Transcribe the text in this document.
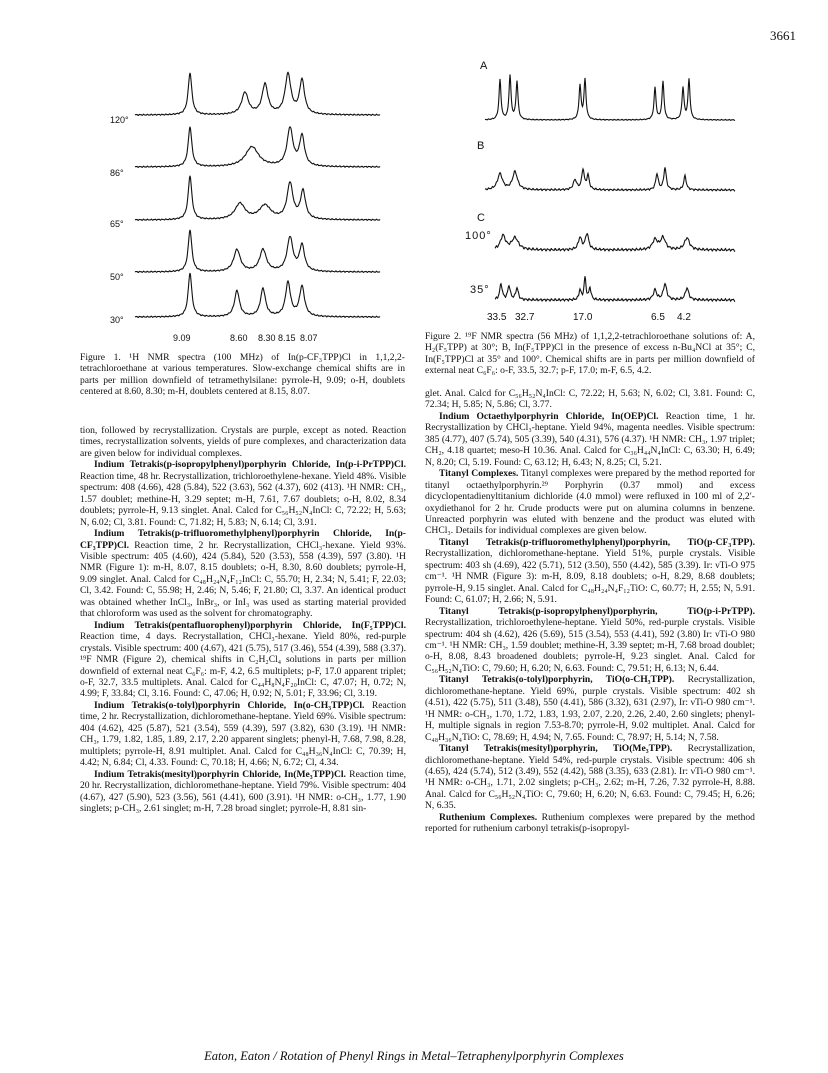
3661
120°
86°
65°
50°
30°
9.09	8.60 8.30 8.15 8.07
Figure 1. ¹H NMR spectra (100 MHz) of In(p-CF₃TPP)Cl in 1,1,2,2-tetrachloroethane at various temperatures. Slow-exchange chemical shifts are in parts per million downfield of tetramethylsilane: pyrrole-H, 9.09; o-H, doublets centered at 8.60, 8.30; m-H, doublets centered at 8.15, 8.07.
A
B
C
100°
35°
33.5 32.7	17.0	6.5 4.2
Figure 2. ¹⁹F NMR spectra (56 MHz) of 1,1,2,2-tetrachloroethane solutions of: A, H₂(F₅TPP) at 30°; B, In(F₅TPP)Cl in the presence of excess n-Bu₄NCl at 35°; C, In(F₅TPP)Cl at 35° and 100°. Chemical shifts are in parts per million downfield of external neat C₆F₆: o-F, 33.5, 32.7; p-F, 17.0; m-F, 6.5, 4.2.

tion, followed by recrystallization. Crystals are purple, except as noted. Reaction times, recrystallization solvents, yields of pure complexes, and characterization data are given below for individual complexes.

Indium Tetrakis(p-isopropylphenyl)porphyrin Chloride, In(p-i-PrTPP)Cl. Reaction time, 48 hr. Recrystallization, trichloroethylene-hexane. Yield 48%. Visible spectrum: 408 (4.66), 428 (5.84), 522 (3.63), 562 (4.37), 602 (413). ¹H NMR: CH₃, 1.57 doublet; methine-H, 3.29 septet; m-H, 7.61, 7.67 doublets; o-H, 8.02, 8.34 doublets; pyrrole-H, 9.13 singlet. Anal. Calcd for C₅₆H₅₂N₄InCl: C, 72.22; H, 5.63; N, 6.02; Cl, 3.81. Found: C, 71.82; H, 5.83; N, 6.14; Cl, 3.91.

Indium Tetrakis(p-trifluoromethylphenyl)porphyrin Chloride, In(p-CF₃TPP)Cl. Reaction time, 2 hr. Recrystallization, CHCl₃-hexane. Yield 93%. Visible spectrum: 405 (4.60), 424 (5.84), 520 (3.53), 558 (4.39), 597 (3.80). ¹H NMR (Figure 1): m-H, 8.07, 8.15 doublets; o-H, 8.30, 8.60 doublets; pyrrole-H, 9.09 singlet. Anal. Calcd for C₄₈H₂₄N₄F₁₂InCl: C, 55.70; H, 2.34; N, 5.41; F, 22.03; Cl, 3.42. Found: C, 55.98; H, 2.46; N, 5.46; F, 21.80; Cl, 3.37. An identical product was obtained whether InCl₃, InBr₃, or InI₃ was used as starting material provided that chloroform was used as the solvent for chromatography.

Indium Tetrakis(pentafluorophenyl)porphyrin Chloride, In(F₅TPP)Cl. Reaction time, 4 days. Recrystallation, CHCl₃-hexane. Yield 80%, red-purple crystals. Visible spectrum: 400 (4.67), 421 (5.75), 517 (3.46), 554 (4.39), 588 (3.37). ¹⁹F NMR (Figure 2), chemical shifts in C₂H₂Cl₄ solutions in parts per million downfield of external neat C₆F₆: m-F, 4.2, 6.5 multiplets; p-F, 17.0 apparent triplet; o-F, 32.7, 33.5 multiplets. Anal. Calcd for C₄₄H₈N₄F₂₀InCl: C, 47.07; H, 0.72; N, 4.99; F, 33.84; Cl, 3.16. Found: C, 47.06; H, 0.92; N, 5.01; F, 33.96; Cl, 3.19.

Indium Tetrakis(o-tolyl)porphyrin Chloride, In(o-CH₃TPP)Cl. Reaction time, 2 hr. Recrystallization, dichloromethane-heptane. Yield 69%. Visible spectrum: 404 (4.62), 425 (5.87), 521 (3.54), 559 (4.39), 597 (3.82), 630 (3.19). ¹H NMR: CH₃, 1.79, 1.82, 1.85, 1.89, 2.17, 2.20 apparent singlets; phenyl-H, 7.68, 7.98, 8.28, multiplets; pyrrole-H, 8.91 multiplet. Anal. Calcd for C₄₈H₃₆N₄InCl: C, 70.39; H, 4.42; N, 6.84; Cl, 4.33. Found: C, 70.18; H, 4.66; N, 6.72; Cl, 4.34.

Indium Tetrakis(mesityl)porphyrin Chloride, In(Me₃TPP)Cl. Reaction time, 20 hr. Recrystallization, dichloromethane-heptane. Yield 79%. Visible spectrum: 404 (4.67), 427 (5.90), 523 (3.56), 561 (4.41), 600 (3.91). ¹H NMR: o-CH₃, 1.77, 1.90 singlets; p-CH₃, 2.61 singlet; m-H, 7.28 broad singlet; pyrrole-H, 8.81 sin-

glet. Anal. Calcd for C₅₆H₅₂N₄InCl: C, 72.22; H, 5.63; N, 6.02; Cl, 3.81. Found: C, 72.34; H, 5.85; N, 5.86; Cl, 3.77.

Indium Octaethylporphyrin Chloride, In(OEP)Cl. Reaction time, 1 hr. Recrystallization by CHCl₃-heptane. Yield 94%, magenta needles. Visible spectrum: 385 (4.77), 407 (5.74), 505 (3.39), 540 (4.31), 576 (4.37). ¹H NMR: CH₃, 1.97 triplet; CH₂, 4.18 quartet; meso-H 10.36. Anal. Calcd for C₃₆H₄₄N₄InCl: C, 63.30; H, 6.49; N, 8.20; Cl, 5.19. Found: C, 63.12; H, 6.43; N, 8.25; Cl, 5.21.

Titanyl Complexes. Titanyl complexes were prepared by the method reported for titanyl octaethylporphyrin.²⁹ Porphyrin (0.37 mmol) and excess dicyclopentadienyltitanium dichloride (4.0 mmol) were refluxed in 100 ml of 2,2′-oxydiethanol for 2 hr. Crude products were put on alumina columns in benzene. Unreacted porphyrin was eluted with benzene and the product was eluted with CHCl₃. Details for individual complexes are given below.

Titanyl Tetrakis(p-trifluoromethylphenyl)porphyrin, TiO(p-CF₃TPP). Recrystallization, dichloromethane-heptane. Yield 51%, purple crystals. Visible spectrum: 403 sh (4.69), 422 (5.71), 512 (3.50), 550 (4.42), 585 (3.39). Ir: νTi-O 975 cm⁻¹. ¹H NMR (Figure 3): m-H, 8.09, 8.18 doublets; o-H, 8.29, 8.68 doublets; pyrrole-H, 9.15 singlet. Anal. Calcd for C₄₈H₂₄N₄F₁₂TiO: C, 60.77; H, 2.55; N, 5.91. Found: C, 61.07; H, 2.66; N, 5.91.

Titanyl Tetrakis(p-isopropylphenyl)porphyrin, TiO(p-i-PrTPP). Recrystallization, trichloroethylene-heptane. Yield 50%, red-purple crystals. Visible spectrum: 404 sh (4.62), 426 (5.69), 515 (3.54), 553 (4.41), 592 (3.80) Ir: νTi-O 980 cm⁻¹. ¹H NMR: CH₃, 1.59 doublet; methine-H, 3.39 septet; m-H, 7.68 broad doublet; o-H, 8.08, 8.43 broadened doublets; pyrrole-H, 9.23 singlet. Anal. Calcd for C₅₆H₅₂N₄TiO: C, 79.60; H, 6.20; N, 6.63. Found: C, 79.51; H, 6.13; N, 6.44.

Titanyl Tetrakis(o-tolyl)porphyrin, TiO(o-CH₃TPP). Recrystallization, dichloromethane-heptane. Yield 69%, purple crystals. Visible spectrum: 402 sh (4.51), 422 (5.75), 511 (3.48), 550 (4.41), 586 (3.32), 631 (2.97), Ir: νTi-O 980 cm⁻¹. ¹H NMR: o-CH₃, 1.70, 1.72, 1.83, 1.93, 2.07, 2.20, 2.26, 2.40, 2.60 singlets; phenyl-H, multiple signals in region 7.53-8.70; pyrrole-H, 9.02 multiplet. Anal. Calcd for C₄₈H₃₆N₄TiO: C, 78.69; H, 4.94; N, 7.65. Found: C, 78.97; H, 5.14; N, 7.58.

Titanyl Tetrakis(mesityl)porphyrin, TiO(Me₃TPP). Recrystallization, dichloromethane-heptane. Yield 54%, red-purple crystals. Visible spectrum: 406 sh (4.65), 424 (5.74), 512 (3.49), 552 (4.42), 588 (3.35), 633 (2.81). Ir: νTi-O 980 cm⁻¹. ¹H NMR: o-CH₃, 1.71, 2.02 singlets; p-CH₃, 2.62; m-H, 7.26, 7.32 pyrrole-H, 8.88. Anal. Calcd for C₅₆H₅₂N₄TiO: C, 79.60; H, 6.20; N, 6.63. Found: C, 79.45; H, 6.26; N, 6.35.

Ruthenium Complexes. Ruthenium complexes were prepared by the method reported for ruthenium carbonyl tetrakis(p-isopropyl-

Eaton, Eaton / Rotation of Phenyl Rings in Metal–Tetraphenylporphyrin Complexes
